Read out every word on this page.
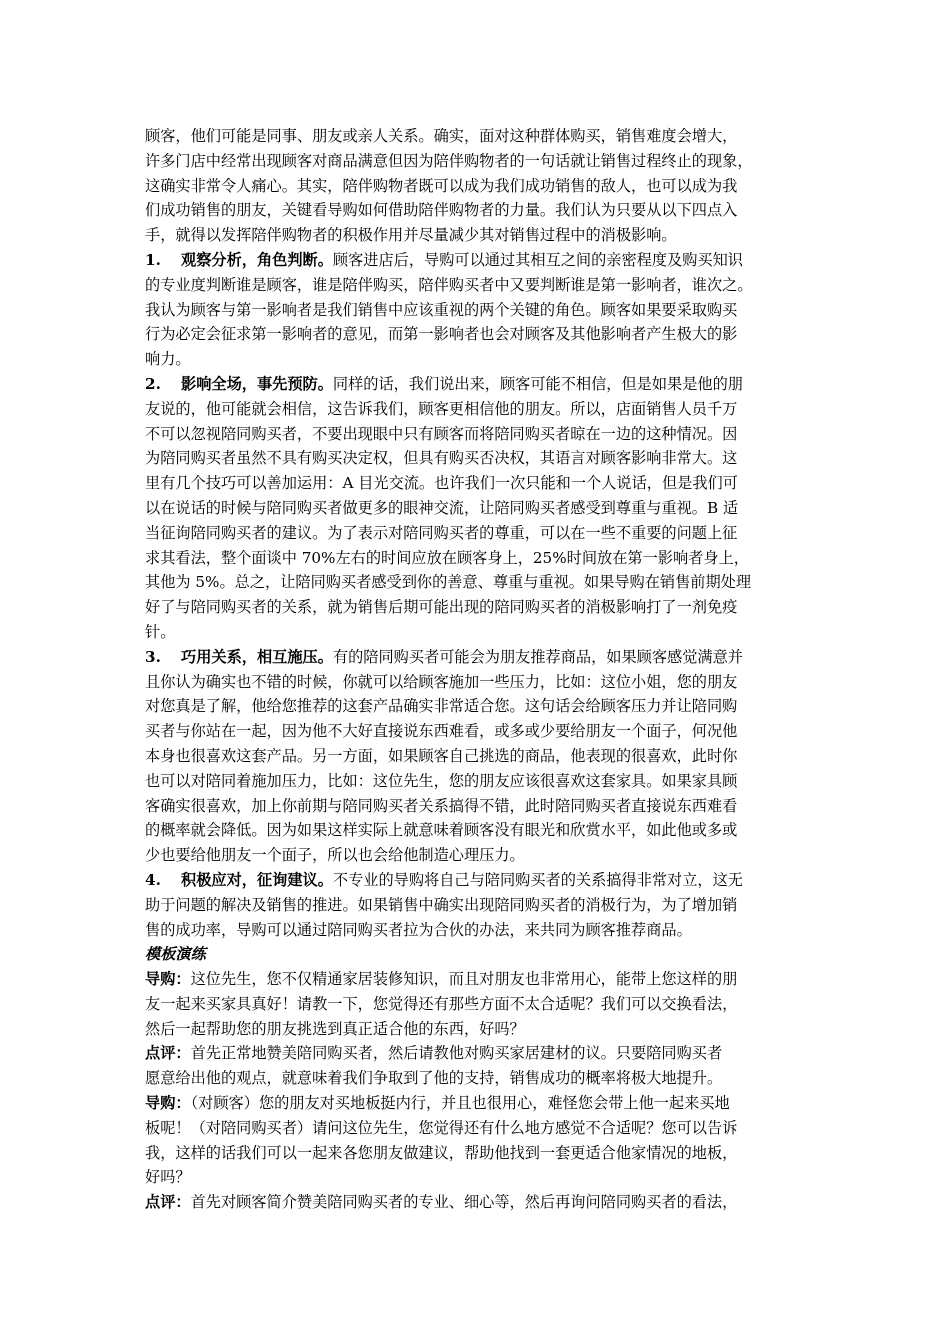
顾客，他们可能是同事、朋友或亲人关系。确实，面对这种群体购买，销售难度会增大，
许多门店中经常出现顾客对商品满意但因为陪伴购物者的一句话就让销售过程终止的现象，
这确实非常令人痛心。其实，陪伴购物者既可以成为我们成功销售的敌人，也可以成为我
们成功销售的朋友，关键看导购如何借助陪伴购物者的力量。我们认为只要从以下四点入
手，就得以发挥陪伴购物者的积极作用并尽量减少其对销售过程中的消极影响。
1. 观察分析，角色判断。顾客进店后，导购可以通过其相互之间的亲密程度及购买知识
的专业度判断谁是顾客，谁是陪伴购买，陪伴购买者中又要判断谁是第一影响者，谁次之。
我认为顾客与第一影响者是我们销售中应该重视的两个关键的角色。顾客如果要采取购买
行为必定会征求第一影响者的意见，而第一影响者也会对顾客及其他影响者产生极大的影
响力。
2. 影响全场，事先预防。同样的话，我们说出来，顾客可能不相信，但是如果是他的朋
友说的，他可能就会相信，这告诉我们，顾客更相信他的朋友。所以，店面销售人员千万
不可以忽视陪同购买者，不要出现眼中只有顾客而将陪同购买者晾在一边的这种情况。因
为陪同购买者虽然不具有购买决定权，但具有购买否决权，其语言对顾客影响非常大。这
里有几个技巧可以善加运用：A 目光交流。也许我们一次只能和一个人说话，但是我们可
以在说话的时候与陪同购买者做更多的眼神交流，让陪同购买者感受到尊重与重视。B 适
当征询陪同购买者的建议。为了表示对陪同购买者的尊重，可以在一些不重要的问题上征
求其看法，整个面谈中 70%左右的时间应放在顾客身上，25%时间放在第一影响者身上，
其他为 5%。总之，让陪同购买者感受到你的善意、尊重与重视。如果导购在销售前期处理
好了与陪同购买者的关系，就为销售后期可能出现的陪同购买者的消极影响打了一剂免疫
针。
3. 巧用关系，相互施压。有的陪同购买者可能会为朋友推荐商品，如果顾客感觉满意并
且你认为确实也不错的时候，你就可以给顾客施加一些压力，比如：这位小姐，您的朋友
对您真是了解，他给您推荐的这套产品确实非常适合您。这句话会给顾客压力并让陪同购
买者与你站在一起，因为他不大好直接说东西难看，或多或少要给朋友一个面子，何况他
本身也很喜欢这套产品。另一方面，如果顾客自己挑选的商品，他表现的很喜欢，此时你
也可以对陪同着施加压力，比如：这位先生，您的朋友应该很喜欢这套家具。如果家具顾
客确实很喜欢，加上你前期与陪同购买者关系搞得不错，此时陪同购买者直接说东西难看
的概率就会降低。因为如果这样实际上就意味着顾客没有眼光和欣赏水平，如此他或多或
少也要给他朋友一个面子，所以也会给他制造心理压力。
4. 积极应对，征询建议。不专业的导购将自己与陪同购买者的关系搞得非常对立，这无
助于问题的解决及销售的推进。如果销售中确实出现陪同购买者的消极行为，为了增加销
售的成功率，导购可以通过陪同购买者拉为合伙的办法，来共同为顾客推荐商品。
模板演练
导购：这位先生，您不仅精通家居装修知识，而且对朋友也非常用心，能带上您这样的朋
友一起来买家具真好！请教一下，您觉得还有那些方面不太合适呢？我们可以交换看法，
然后一起帮助您的朋友挑选到真正适合他的东西，好吗？
点评：首先正常地赞美陪同购买者，然后请教他对购买家居建材的议。只要陪同购买者
愿意给出他的观点，就意味着我们争取到了他的支持，销售成功的概率将极大地提升。
导购：（对顾客）您的朋友对买地板挺内行，并且也很用心，难怪您会带上他一起来买地
板呢！（对陪同购买者）请问这位先生，您觉得还有什么地方感觉不合适呢？您可以告诉
我，这样的话我们可以一起来各您朋友做建议，帮助他找到一套更适合他家情况的地板，
好吗？
点评：首先对顾客简介赞美陪同购买者的专业、细心等，然后再询问陪同购买者的看法，
